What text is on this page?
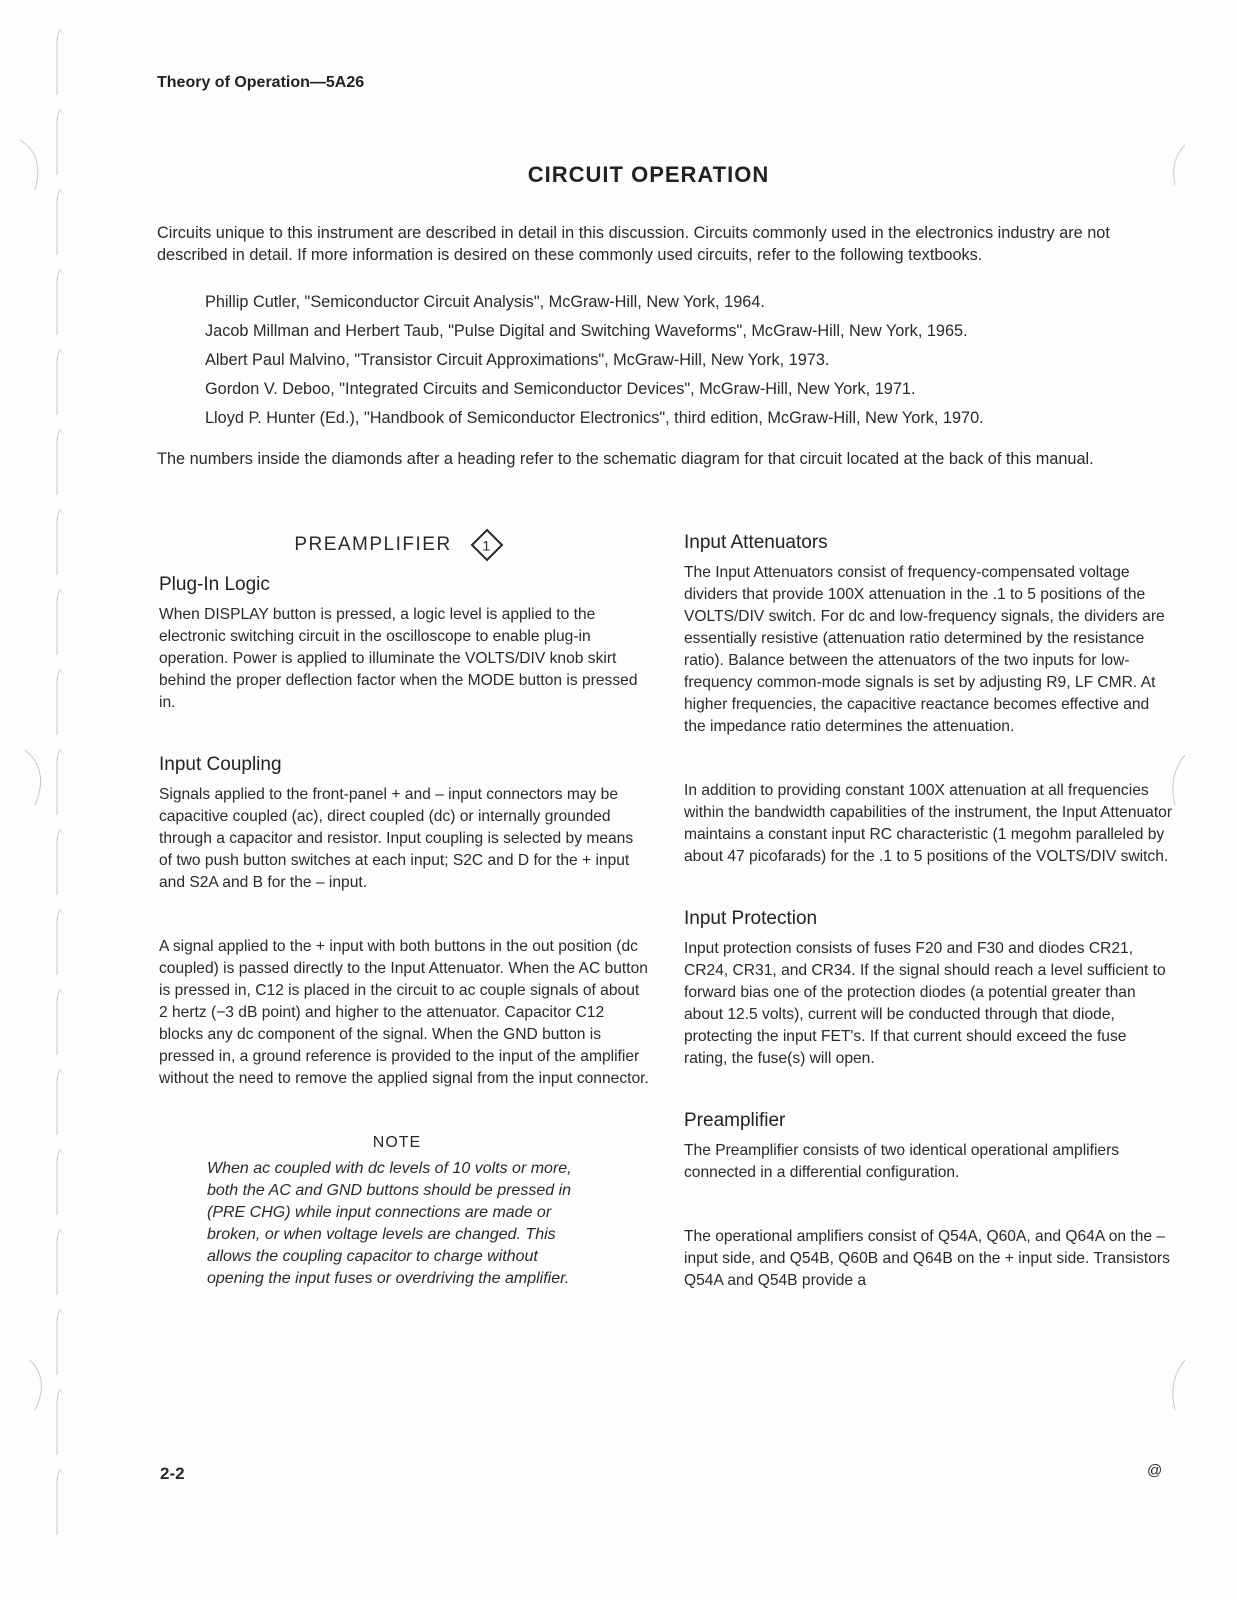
Theory of Operation—5A26
CIRCUIT OPERATION
Circuits unique to this instrument are described in detail in this discussion. Circuits commonly used in the electronics industry are not described in detail. If more information is desired on these commonly used circuits, refer to the following textbooks.
Phillip Cutler, "Semiconductor Circuit Analysis", McGraw-Hill, New York, 1964.
Jacob Millman and Herbert Taub, "Pulse Digital and Switching Waveforms", McGraw-Hill, New York, 1965.
Albert Paul Malvino, "Transistor Circuit Approximations", McGraw-Hill, New York, 1973.
Gordon V. Deboo, "Integrated Circuits and Semiconductor Devices", McGraw-Hill, New York, 1971.
Lloyd P. Hunter (Ed.), "Handbook of Semiconductor Electronics", third edition, McGraw-Hill, New York, 1970.
The numbers inside the diamonds after a heading refer to the schematic diagram for that circuit located at the back of this manual.
PREAMPLIFIER 1
Plug-In Logic

When DISPLAY button is pressed, a logic level is applied to the electronic switching circuit in the oscilloscope to enable plug-in operation. Power is applied to illuminate the VOLTS/DIV knob skirt behind the proper deflection factor when the MODE button is pressed in.

Input Coupling

Signals applied to the front-panel + and – input connectors may be capacitive coupled (ac), direct coupled (dc) or internally grounded through a capacitor and resistor. Input coupling is selected by means of two push button switches at each input; S2C and D for the + input and S2A and B for the – input.

A signal applied to the + input with both buttons in the out position (dc coupled) is passed directly to the Input Attenuator. When the AC button is pressed in, C12 is placed in the circuit to ac couple signals of about 2 hertz (−3 dB point) and higher to the attenuator. Capacitor C12 blocks any dc component of the signal. When the GND button is pressed in, a ground reference is provided to the input of the amplifier without the need to remove the applied signal from the input connector.

NOTE

When ac coupled with dc levels of 10 volts or more, both the AC and GND buttons should be pressed in (PRE CHG) while input connections are made or broken, or when voltage levels are changed. This allows the coupling capacitor to charge without opening the input fuses or overdriving the amplifier.

Input Attenuators

The Input Attenuators consist of frequency-compensated voltage dividers that provide 100X attenuation in the .1 to 5 positions of the VOLTS/DIV switch. For dc and low-frequency signals, the dividers are essentially resistive (attenuation ratio determined by the resistance ratio). Balance between the attenuators of the two inputs for low-frequency common-mode signals is set by adjusting R9, LF CMR. At higher frequencies, the capacitive reactance becomes effective and the impedance ratio determines the attenuation.

In addition to providing constant 100X attenuation at all frequencies within the bandwidth capabilities of the instrument, the Input Attenuator maintains a constant input RC characteristic (1 megohm paralleled by about 47 picofarads) for the .1 to 5 positions of the VOLTS/DIV switch.

Input Protection

Input protection consists of fuses F20 and F30 and diodes CR21, CR24, CR31, and CR34. If the signal should reach a level sufficient to forward bias one of the protection diodes (a potential greater than about 12.5 volts), current will be conducted through that diode, protecting the input FET's. If that current should exceed the fuse rating, the fuse(s) will open.

Preamplifier

The Preamplifier consists of two identical operational amplifiers connected in a differential configuration.

The operational amplifiers consist of Q54A, Q60A, and Q64A on the – input side, and Q54B, Q60B and Q64B on the + input side. Transistors Q54A and Q54B provide a

2-2	@
